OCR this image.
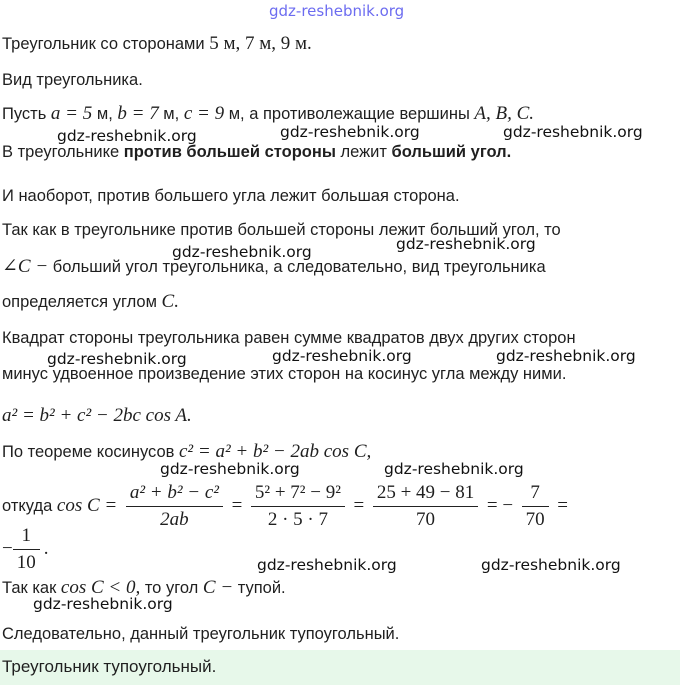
gdz-reshebnik.org
Треугольник со сторонами 5 м, 7 м, 9 м.
Вид треугольника.
Пусть a = 5 м, b = 7 м, c = 9 м, а противолежащие вершины A, B, C.
gdz-reshebnik.org	gdz-reshebnik.org	gdz-reshebnik.org
В треугольнике против большей стороны лежит больший угол.
И наоборот, против большего угла лежит большая сторона.
Так как в треугольнике против большей стороны лежит больший угол, то
gdz-reshebnik.org	gdz-reshebnik.org
∠C − больший угол треугольника, а следовательно, вид треугольника
определяется углом C.
Квадрат стороны треугольника равен сумме квадратов двух других сторон
gdz-reshebnik.org	gdz-reshebnik.org	gdz-reshebnik.org
минус удвоенное произведение этих сторон на косинус угла между ними.
a² = b² + c² − 2bc cos A.
По теореме косинусов c² = a² + b² − 2ab cos C,
gdz-reshebnik.org	gdz-reshebnik.org
откуда $\cos C = \frac{\text{a² + b² − c²}}{2ab} = \frac{\text{5² + 7² − 9²}}{2 \cdot 5 \cdot 7} = \frac{25 + 49 - 81}{70}$ = − $\frac{7}{70}$ =
− $\frac{1}{10}$ .
gdz-reshebnik.org	gdz-reshebnik.org
Так как cos C < 0, то угол C − тупой.
gdz-reshebnik.org
Следовательно, данный треугольник тупоугольный.
Треугольник тупоугольный.
